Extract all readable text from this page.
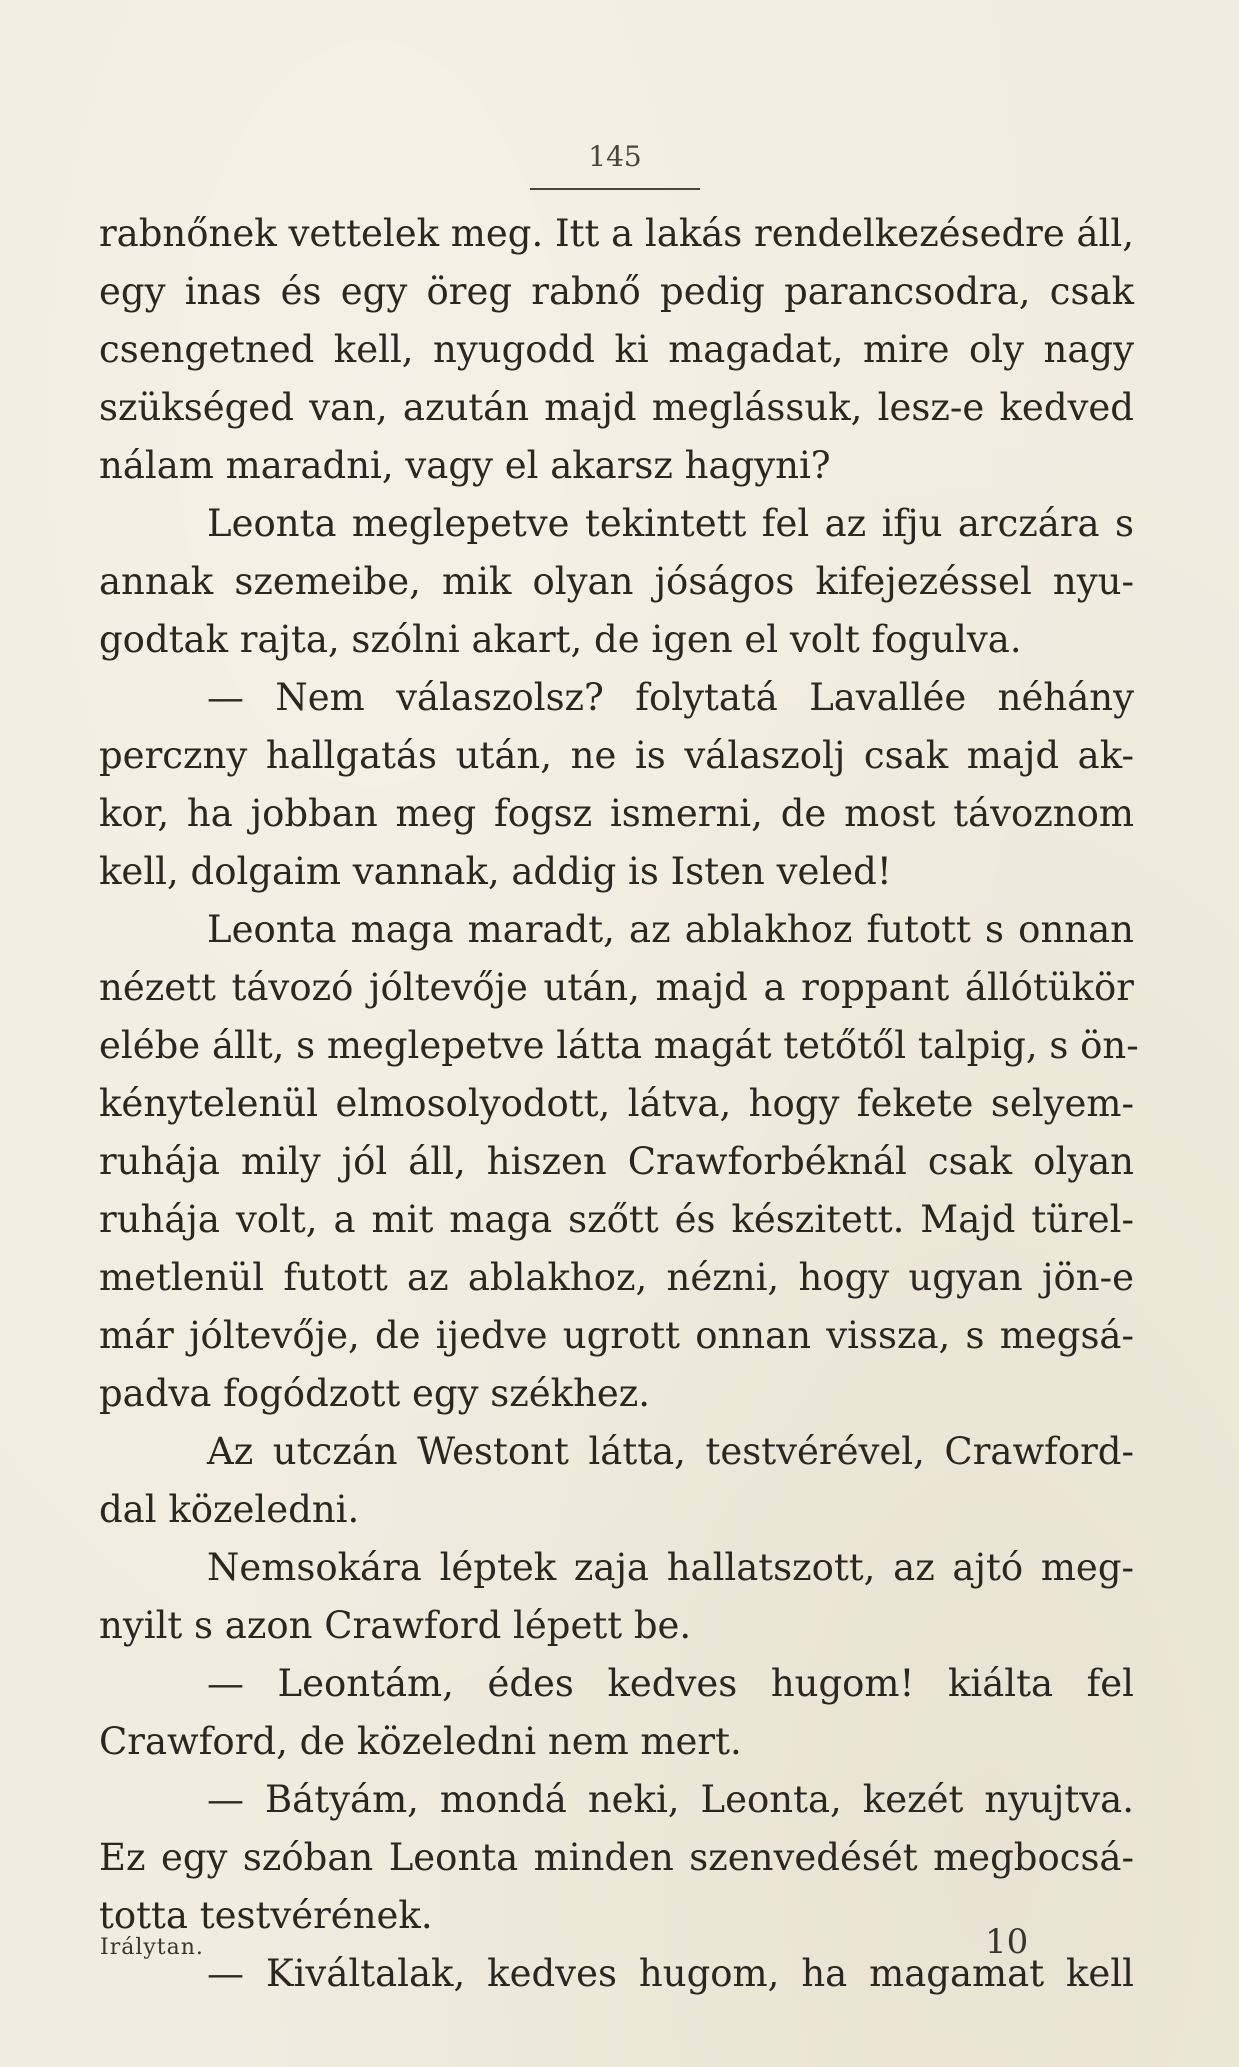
145
rabnőnek vettelek meg. Itt a lakás rendelkezésedre áll,
egy inas és egy öreg rabnő pedig parancsodra, csak
csengetned kell, nyugodd ki magadat, mire oly nagy
szükséged van, azután majd meglássuk, lesz-e kedved
nálam maradni, vagy el akarsz hagyni?
Leonta meglepetve tekintett fel az ifju arczára s
annak szemeibe, mik olyan jóságos kifejezéssel nyu-
godtak rajta, szólni akart, de igen el volt fogulva.
— Nem válaszolsz? folytatá Lavallée néhány
perczny hallgatás után, ne is válaszolj csak majd ak-
kor, ha jobban meg fogsz ismerni, de most távoznom
kell, dolgaim vannak, addig is Isten veled!
Leonta maga maradt, az ablakhoz futott s onnan
nézett távozó jóltevője után, majd a roppant állótükör
elébe állt, s meglepetve látta magát tetőtől talpig, s ön-
kénytelenül elmosolyodott, látva, hogy fekete selyem-
ruhája mily jól áll, hiszen Crawforbéknál csak olyan
ruhája volt, a mit maga szőtt és készitett. Majd türel-
metlenül futott az ablakhoz, nézni, hogy ugyan jön-e
már jóltevője, de ijedve ugrott onnan vissza, s megsá-
padva fogódzott egy székhez.
Az utczán Westont látta, testvérével, Crawford-
dal közeledni.
Nemsokára léptek zaja hallatszott, az ajtó meg-
nyilt s azon Crawford lépett be.
— Leontám, édes kedves hugom! kiálta fel
Crawford, de közeledni nem mert.
— Bátyám, mondá neki, Leonta, kezét nyujtva.
Ez egy szóban Leonta minden szenvedését megbocsá-
totta testvérének.
— Kiváltalak, kedves hugom, ha magamat kell
Irálytan.	10
